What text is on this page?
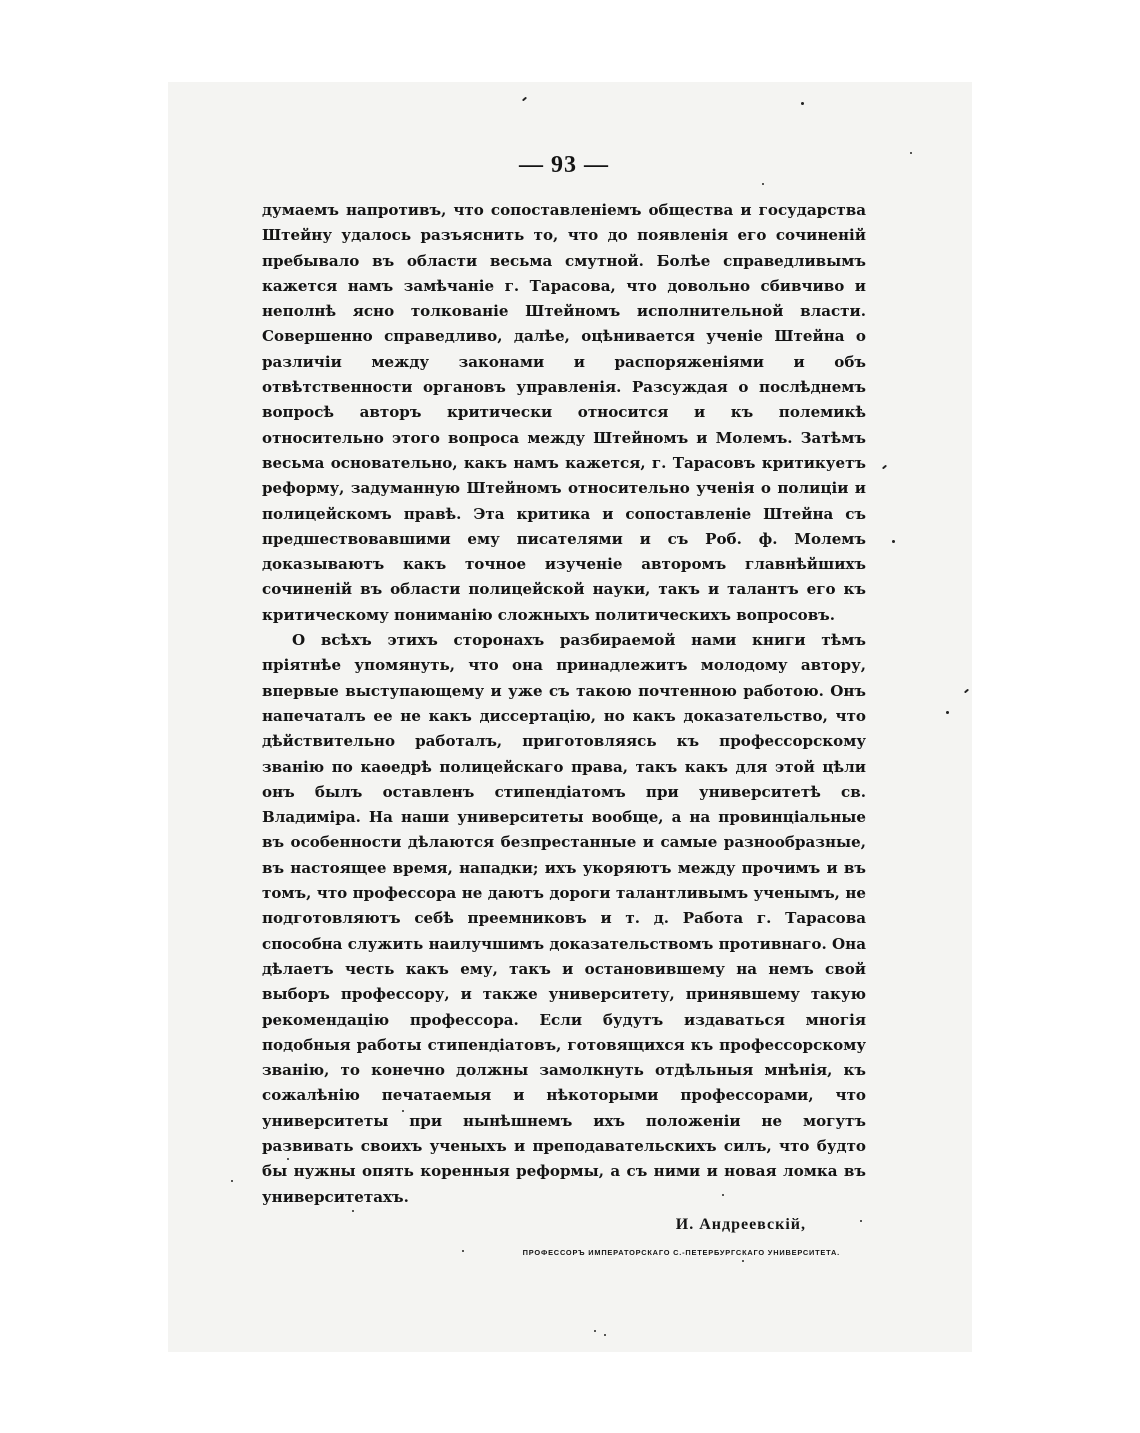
— 93 —

думаемъ напротивъ, что сопоставленіемъ общества и государства Штейну удалось разъяснить то, что до появленія его сочиненій пребывало въ области весьма смутной. Болѣе справедливымъ кажется намъ замѣчаніе г. Тарасова, что довольно сбивчиво и неполнѣ ясно толкованіе Штейномъ исполнительной власти. Совершенно справедливо, далѣе, оцѣниваетcя ученіе Штейна о различіи между законами и распоряженіями и объ отвѣтственности органовъ управленія. Разсуждая о послѣднемъ вопросѣ авторъ критически относится и къ полемикѣ относительно этого вопроса между Штейномъ и Молемъ. Затѣмъ весьма основательно, какъ намъ кажется, г. Тарасовъ критикуетъ реформу, задуманную Штейномъ относительно ученія о полиціи и полицейскомъ правѣ. Эта критика и сопоставленіе Штейна съ предшествовавшими ему писателями и съ Роб. ф. Молемъ доказываютъ какъ точное изученіе авторомъ главнѣйшихъ сочиненій въ области полицейской науки, такъ и талантъ его къ критическому пониманію сложныхъ политическихъ вопросовъ.

О всѣхъ этихъ сторонахъ разбираемой нами книги тѣмъ пріятнѣе упомянуть, что она принадлежитъ молодому автору, впервые выступающему и уже съ такою почтенною работою. Онъ напечаталъ ее не какъ диссертацію, но какъ доказательство, что дѣйствительно работалъ, приготовляясь къ профессорскому званію по каѳедрѣ полицейскаго права, такъ какъ для этой цѣли онъ былъ оставленъ стипендіатомъ при университетѣ св. Владиміра. На наши университеты вообще, а на провинціальные въ особенности дѣлаются безпрестанные и самые разнообразные, въ настоящее время, нападки; ихъ укоряютъ между прочимъ и въ томъ, что профессора не даютъ дороги талантливымъ ученымъ, не подготовляютъ себѣ преемниковъ и т. д. Работа г. Тарасова способна служить наилучшимъ доказательствомъ противнаго. Она дѣлаетъ честь какъ ему, такъ и остановившему на немъ свой выборъ профессору, и также университету, принявшему такую рекомендацію профессора. Если будутъ издаваться многія подобныя работы стипендіатовъ, готовящихся къ профессорскому званію, то конечно должны замолкнуть отдѣльныя мнѣнія, къ сожалѣнію печатаемыя и нѣкоторыми профессорами, что университеты при нынѣшнемъ ихъ положеніи не могутъ развивать своихъ ученыхъ и преподавательскихъ силъ, что будто бы нужны опять коренныя реформы, а съ ними и новая ломка въ университетахъ.

И. Андреевскій,
ПРОФЕССОРЪ ИМПЕРАТОРСКАГО С.-ПЕТЕРБУРГСКАГО УНИВЕРСИТЕТА.
